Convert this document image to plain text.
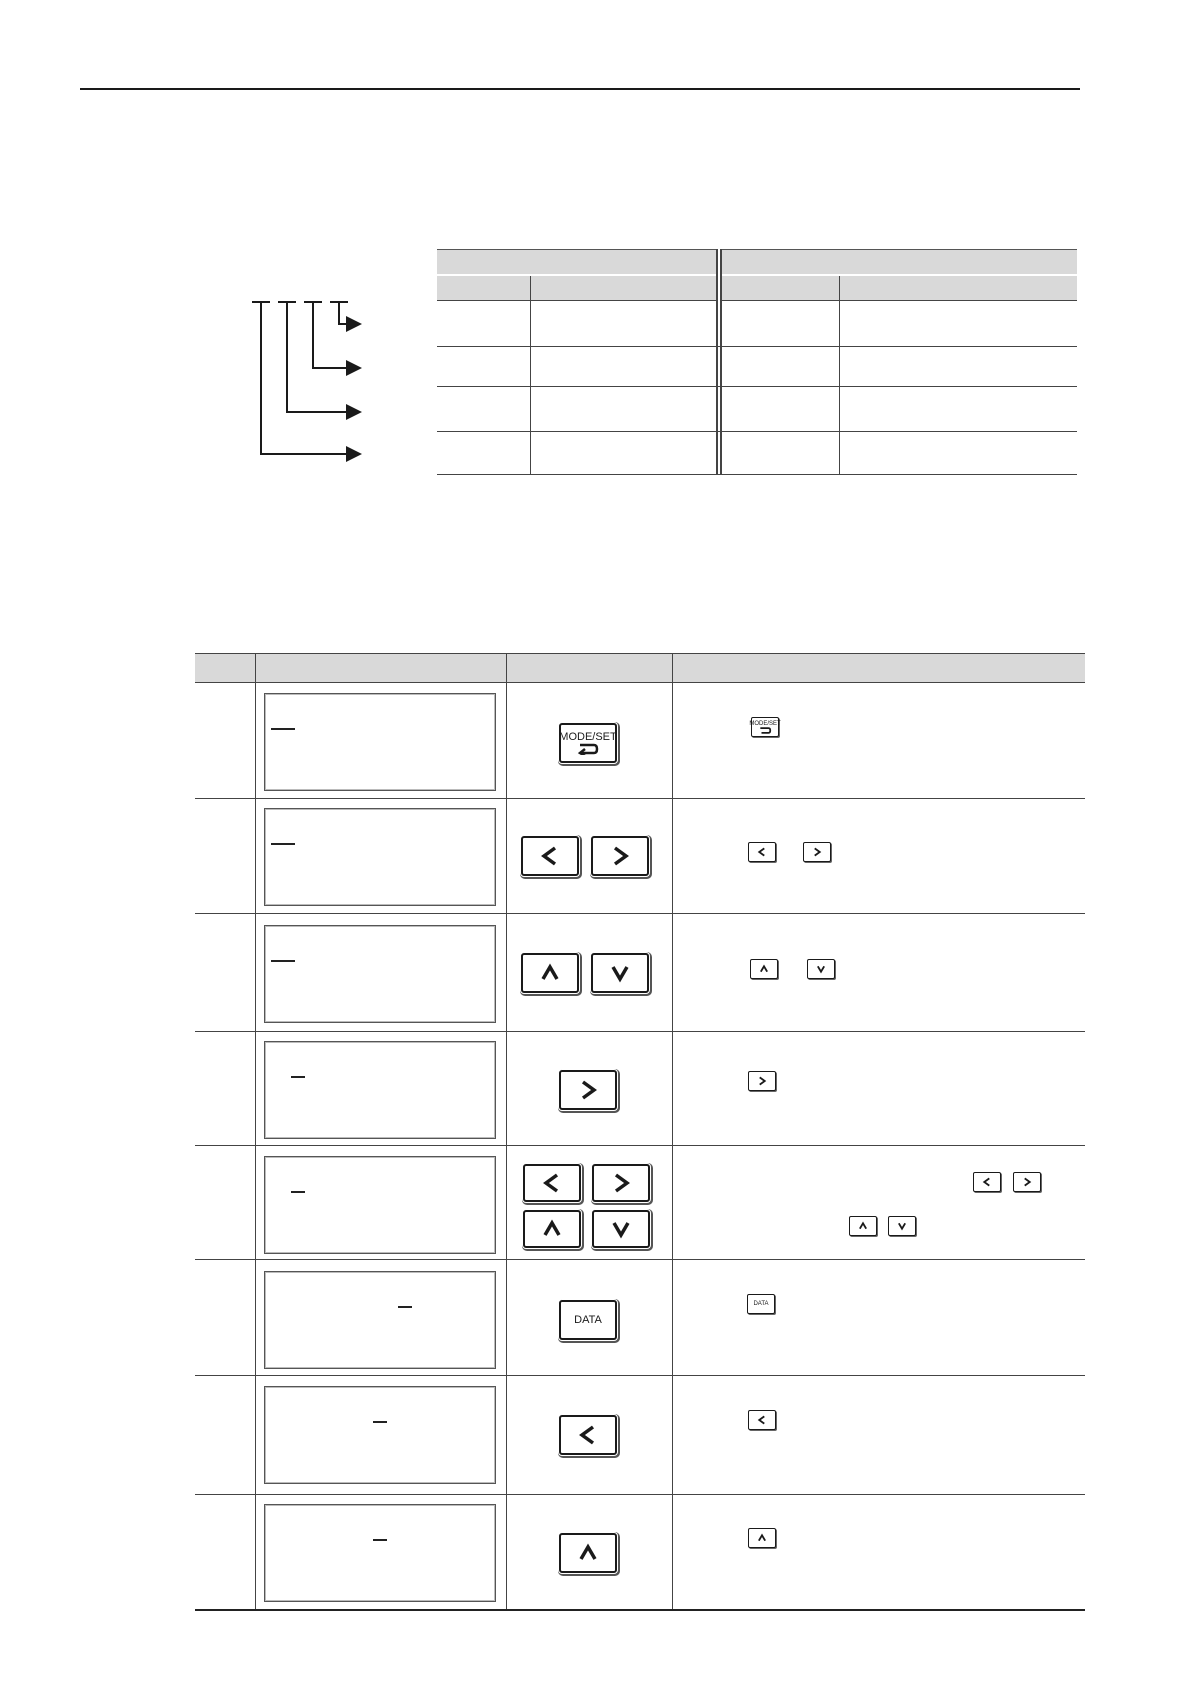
MODE/SET
MODE/SET
DATA
DATA
